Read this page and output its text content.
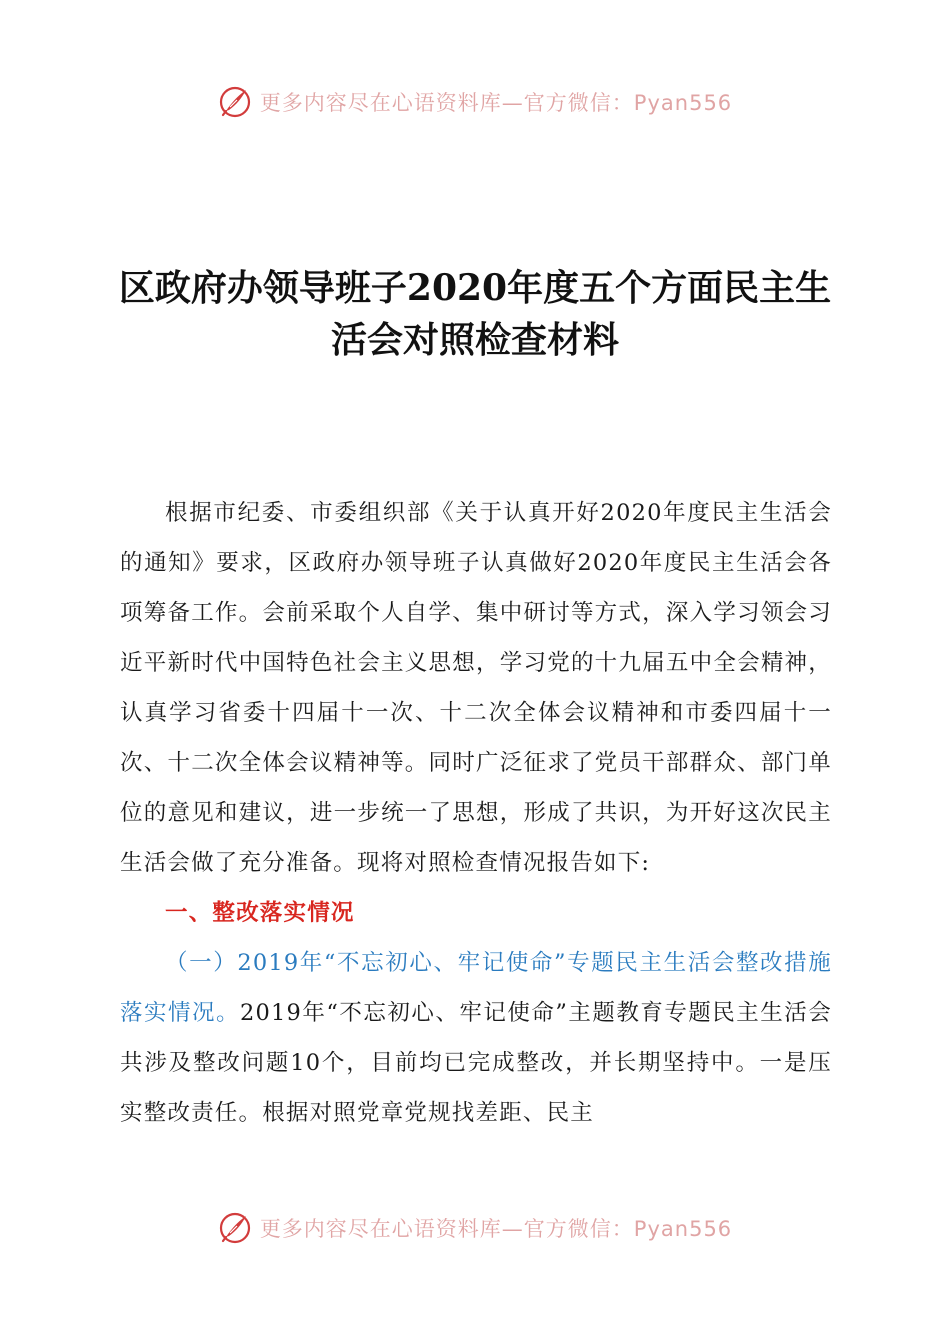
更多内容尽在心语资料库—官方微信：Pyan556
区政府办领导班子2020年度五个方面民主生
活会对照检查材料

根据市纪委、市委组织部《关于认真开好2020年度民主生活会的通知》要求，区政府办领导班子认真做好2020年度民主生活会各项筹备工作。会前采取个人自学、集中研讨等方式，深入学习领会习近平新时代中国特色社会主义思想，学习党的十九届五中全会精神，认真学习省委十四届十一次、十二次全体会议精神和市委四届十一次、十二次全体会议精神等。同时广泛征求了党员干部群众、部门单位的意见和建议，进一步统一了思想，形成了共识，为开好这次民主生活会做了充分准备。现将对照检查情况报告如下:

一、整改落实情况

（一）2019年“不忘初心、牢记使命”专题民主生活会整改措施落实情况。2019年“不忘初心、牢记使命”主题教育专题民主生活会共涉及整改问题10个，目前均已完成整改，并长期坚持中。一是压实整改责任。根据对照党章党规找差距、民主

更多内容尽在心语资料库—官方微信：Pyan556
